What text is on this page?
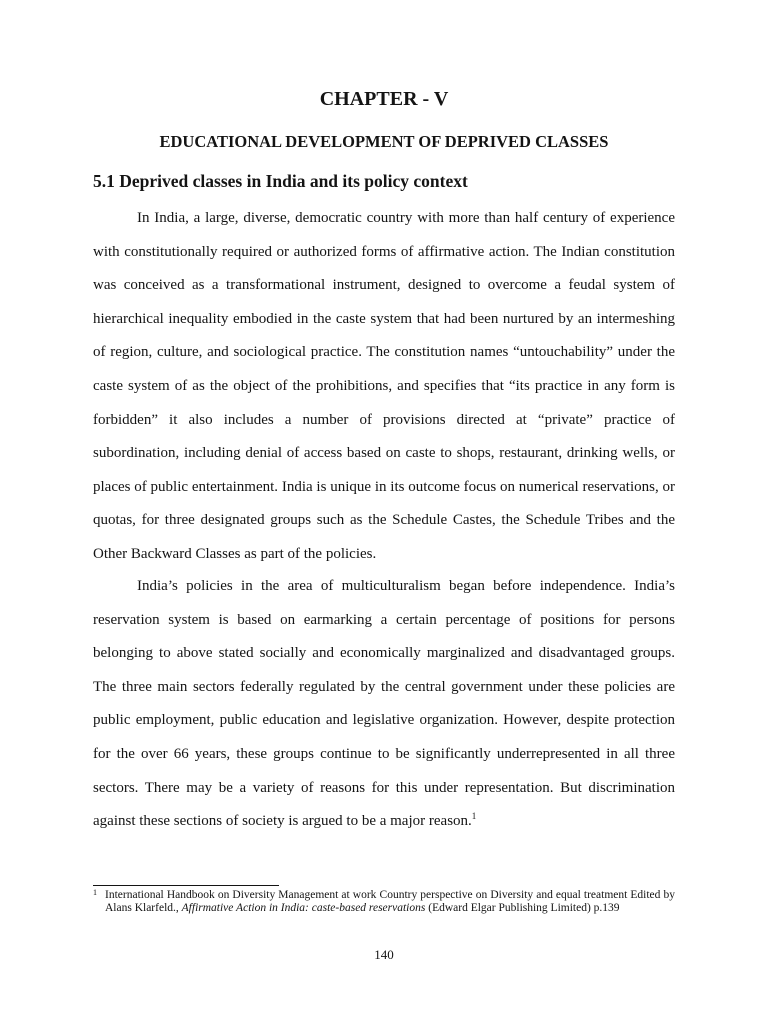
CHAPTER - V
EDUCATIONAL DEVELOPMENT OF DEPRIVED CLASSES
5.1 Deprived classes in India and its policy context

In India, a large, diverse, democratic country with more than half century of experience with constitutionally required or authorized forms of affirmative action. The Indian constitution was conceived as a transformational instrument, designed to overcome a feudal system of hierarchical inequality embodied in the caste system that had been nurtured by an intermeshing of region, culture, and sociological practice. The constitution names “untouchability” under the caste system of as the object of the prohibitions, and specifies that “its practice in any form is forbidden” it also includes a number of provisions directed at “private” practice of subordination, including denial of access based on caste to shops, restaurant, drinking wells, or places of public entertainment. India is unique in its outcome focus on numerical reservations, or quotas, for three designated groups such as the Schedule Castes, the Schedule Tribes and the Other Backward Classes as part of the policies.

India’s policies in the area of multiculturalism began before independence. India’s reservation system is based on earmarking a certain percentage of positions for persons belonging to above stated socially and economically marginalized and disadvantaged groups. The three main sectors federally regulated by the central government under these policies are public employment, public education and legislative organization. However, despite protection for the over 66 years, these groups continue to be significantly underrepresented in all three sectors. There may be a variety of reasons for this under representation. But discrimination against these sections of society is argued to be a major reason.$^1$

1 International Handbook on Diversity Management at work Country perspective on Diversity and equal treatment Edited by Alans Klarfeld., Affirmative Action in India: caste-based reservations (Edward Elgar Publishing Limited) p.139
140
